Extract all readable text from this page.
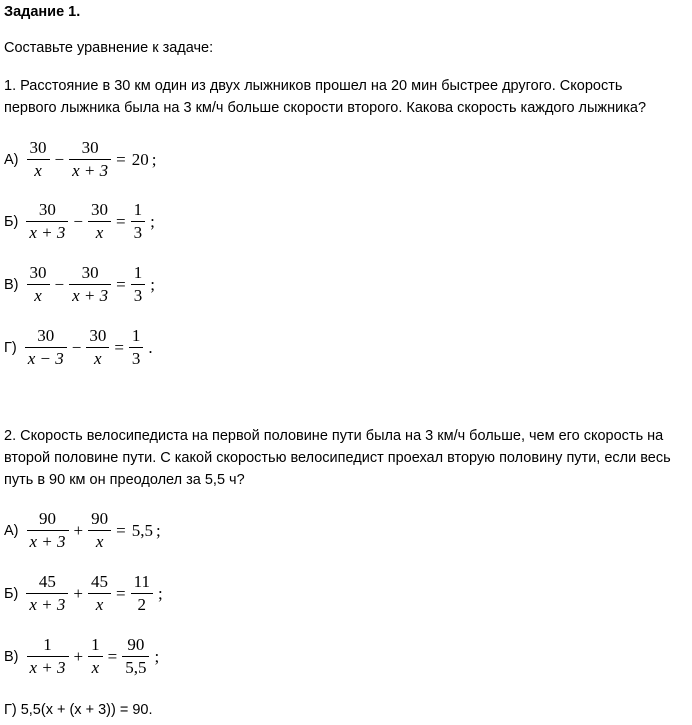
Задание 1.
Составьте уравнение к задаче:
1. Расстояние в 30 км один из двух лыжников прошел на 20 мин быстрее другого. Скорость
первого лыжника была на 3 км/ч больше скорости второго. Какова скорость каждого лыжника?
$А) \frac{30}{x} - \frac{30}{x + 3} = 20$ ;
$Б) \frac{30}{x + 3} - \frac{30}{x} = \frac{1}{3}$ ;
$В) \frac{30}{x} - \frac{30}{x + 3} = \frac{1}{3}$ ;
$Г) \frac{30}{x - 3} - \frac{30}{x} = \frac{1}{3}$ .
2. Скорость велосипедиста на первой половине пути была на 3 км/ч больше, чем его скорость на
второй половине пути. С какой скоростью велосипедист проехал вторую половину пути, если весь
путь в 90 км он преодолел за 5,5 ч?
$А) \frac{90}{x + 3} + \frac{90}{x} = 5,5$ ;
$Б) \frac{45}{x + 3} + \frac{45}{x} = \frac{11}{2}$ ;
$В) \frac{1}{x + 3} + \frac{1}{x} = \frac{90}{5,5}$ ;
Г) 5,5(x + (x + 3)) = 90.
